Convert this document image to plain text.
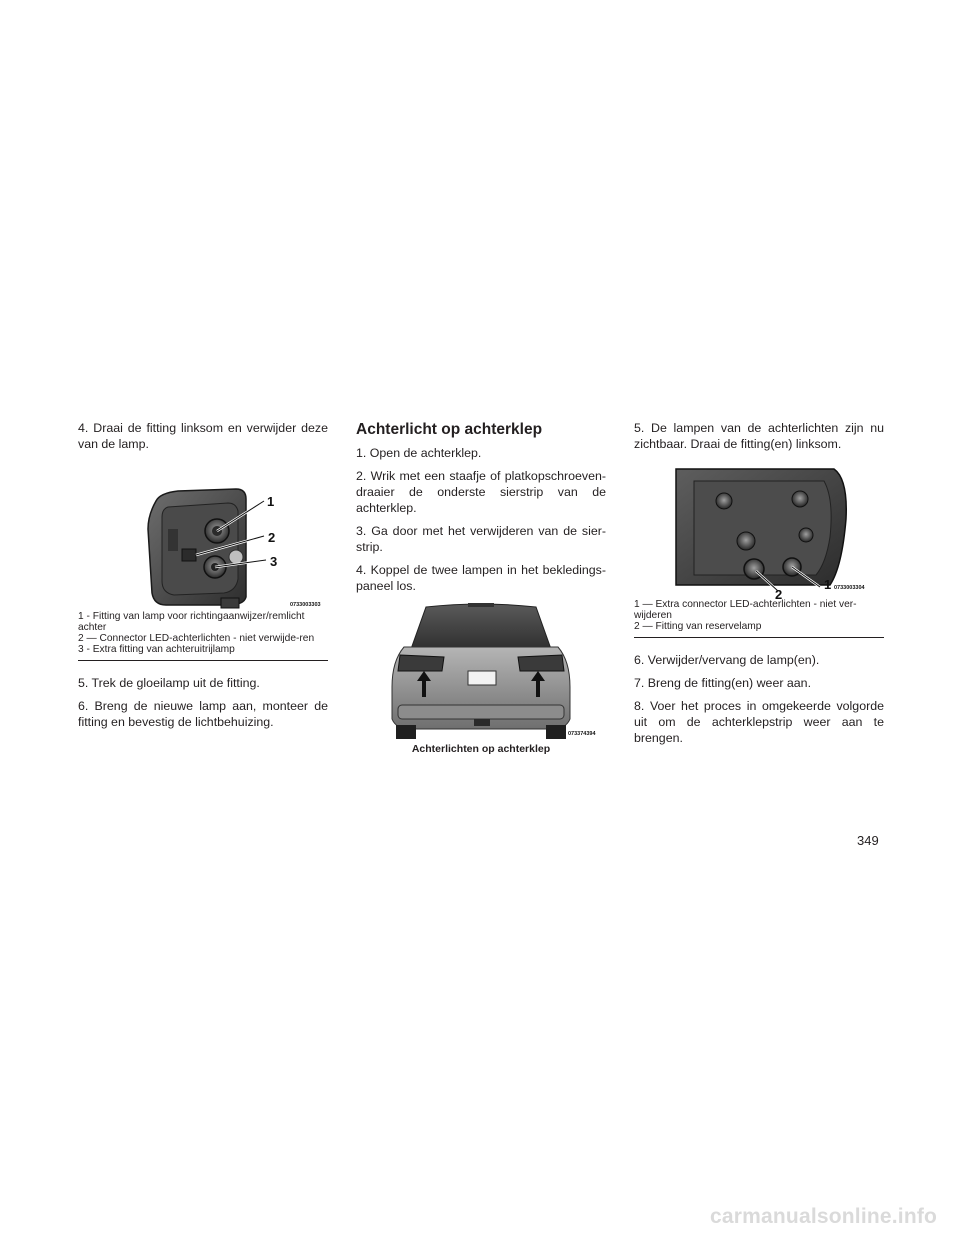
4. Draai de fitting linksom en verwijder deze van de lamp.

1
2
3
0733003303
1 - Fitting van lamp voor richtingaanwijzer/remlicht achter
2 — Connector LED-achterlichten - niet verwijde-ren
3 - Extra fitting van achteruitrijlamp

5. Trek de gloeilamp uit de fitting.

6. Breng de nieuwe lamp aan, monteer de fitting en bevestig de lichtbehuizing.

Achterlicht op achterklep

1. Open de achterklep.

2. Wrik met een staafje of platkopschroeven-draaier de onderste sierstrip van de achterklep.

3. Ga door met het verwijderen van de sier-strip.

4. Koppel de twee lampen in het bekledings-paneel los.

073374394
Achterlichten op achterklep

5. De lampen van de achterlichten zijn nu zichtbaar. Draai de fitting(en) linksom.

1
2	0733003304
1 — Extra connector LED-achterlichten - niet ver-wijderen
2 — Fitting van reservelamp

6. Verwijder/vervang de lamp(en).

7. Breng de fitting(en) weer aan.

8. Voer het proces in omgekeerde volgorde uit om de achterklepstrip weer aan te brengen.

349
carmanualsonline.info
